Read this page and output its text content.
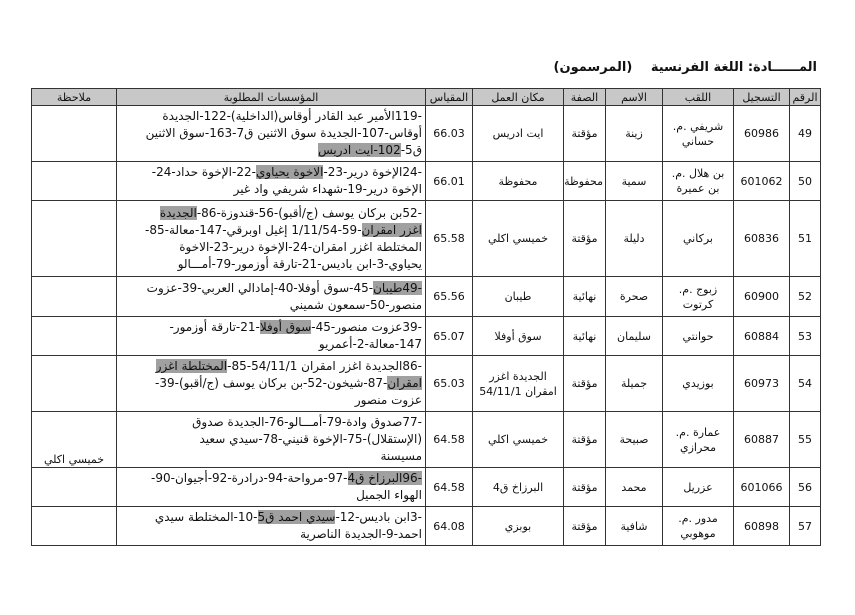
المــــــادة: اللغة الفرنسية (المرسمون)
الرقم	التسجيل	اللقب	الاسم	الصفة	مكان العمل	المقياس	المؤسسات المطلوبة	ملاحظة
49	60986	شريفي .م. حساني	زينة	مؤقتة	ايت ادريس	66.03	-119الأمير عبد القادر أوقاس(الداخلية)-122-الجديدة
أوقاس-107-الجديدة سوق الاثنين ق7-163-سوق الاثنين
ق5-102-ايت ادريس	

50	601062	بن هلال .م. بن عميرة	سمية	محفوظة	محفوظة	66.01	-24الإخوة درير-23-الاخوة يحياوي-22-الإخوة حداد-24-
الإخوة درير-19-شهداء شريفي واد غير	

51	60836	بركاني	دليلة	مؤقتة	خميسي اكلي	65.58	-52بن بركان يوسف (ج/أقبو)-56-قندوزة-86-الجديدة
اغزر امقران-59-1/11/54 إغيل اوبرقي-147-معالة-85-
المختلطة اغزر امقران-24-الإخوة درير-23-الاخوة
يحياوي-3-ابن باديس-21-تارقة أوزمور-79-أمـــالو	

52	60900	زبوج .م. كرتوت	صحرة	نهائية	طيبان	65.56	-49طيبان-45-سوق أوفلا-40-إمادالي العربي-39-عزوت
منصور-50-سمعون شميني	

53	60884	حوانتي	سليمان	نهائية	سوق أوفلا	65.07	-39عزوت منصور-45-سوق أوفلا-21-تارقة أوزمور-
147-معالة-2-أعمريو	

54	60973	بوزيدي	جميلة	مؤقتة	الجديدة اغزر امقران 54/11/1	65.03	-86الجديدة اغزر امقران 54/11/1-85-المختلطة اغزر
امقران-87-شيخون-52-بن بركان يوسف (ج/أقبو)-39-
عزوت منصور	

55	60887	عمارة .م. محرازي	صبيحة	مؤقتة	خميسي اكلي	64.58	-77صدوق وادة-79-أمـــالو-76-الجديدة صدوق
(الإستقلال)-75-الإخوة قنيني-78-سيدي سعيد
مسيسنة	خميسي اكلي
56	601066	عزريل	محمد	مؤقتة	البرزاخ ق4	64.58	-96البرزاخ ق4-97-مرواحة-94-درادرة-92-أجيوان-90-
الهواء الجميل	

57	60898	مدور .م. موهوبي	شافية	مؤقتة	بوبزي	64.08	-3ابن باديس-12-سيدي احمد ق5-10-المختلطة سيدي
احمد-9-الجديدة الناصرية	
